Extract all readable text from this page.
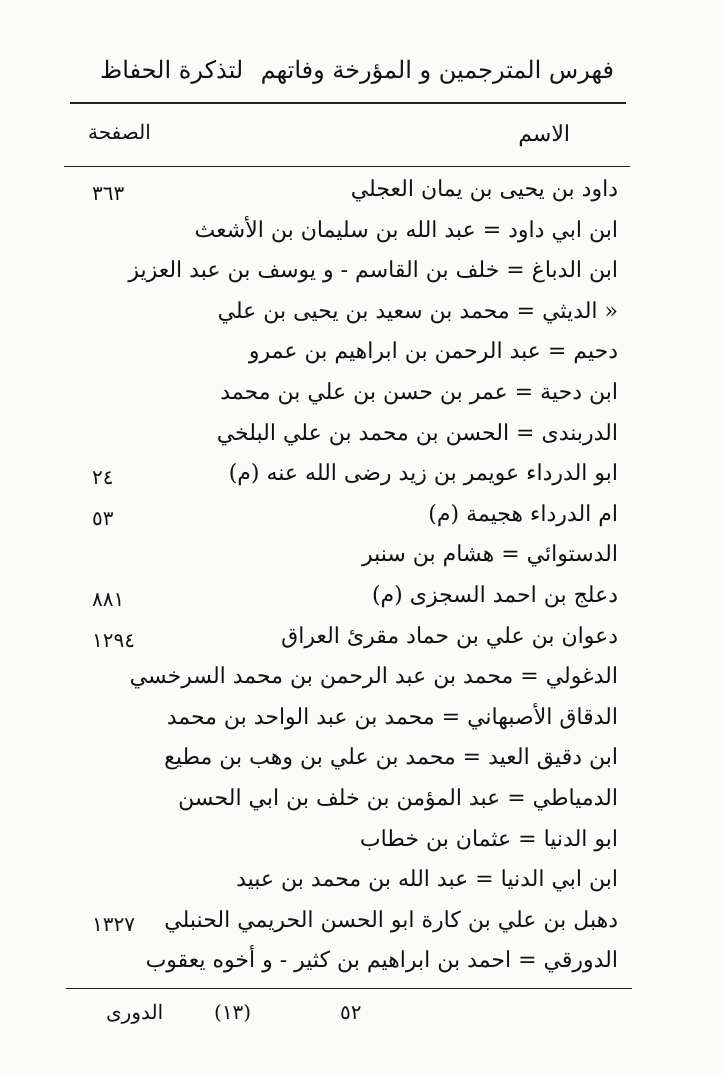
فهرس المترجمين و المؤرخة وفاتهم
لتذكرة الحفاظ
الاسم
الصفحة
داود بن يحيى بن يمان العجلي
٣٦٣
ابن ابي داود = عبد الله بن سليمان بن الأشعث
ابن الدباغ = خلف بن القاسم - و يوسف بن عبد العزيز
« الديثي = محمد بن سعيد بن يحيى بن علي
دحيم = عبد الرحمن بن ابراهيم بن عمرو
ابن دحية = عمر بن حسن بن علي بن محمد
الدربندى = الحسن بن محمد بن علي البلخي
ابو الدرداء عويمر بن زيد رضى الله عنه (م)
٢٤
ام الدرداء هجيمة (م)
٥٣
الدستوائي = هشام بن سنبر
دعلج بن احمد السجزى (م)
٨٨١
دعوان بن علي بن حماد مقرئ العراق
١٢٩٤
الدغولي = محمد بن عبد الرحمن بن محمد السرخسي
الدقاق الأصبهاني = محمد بن عبد الواحد بن محمد
ابن دقيق العيد = محمد بن علي بن وهب بن مطيع
الدمياطي = عبد المؤمن بن خلف بن ابي الحسن
ابو الدنيا = عثمان بن خطاب
ابن ابي الدنيا = عبد الله بن محمد بن عبيد
دهبل بن علي بن كارة ابو الحسن الحريمي الحنبلي
١٣٢٧
الدورقي = احمد بن ابراهيم بن كثير - و أخوه يعقوب
الدورى	(١٣)	٥٢
